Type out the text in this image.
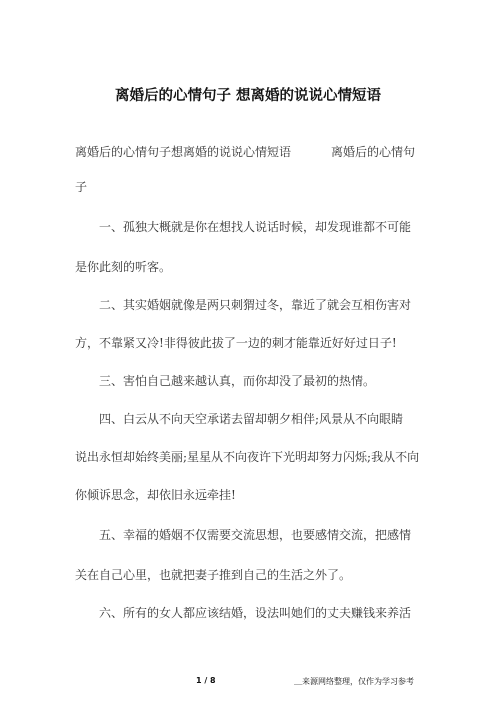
离婚后的心情句子 想离婚的说说心情短语
离婚后的心情句子想离婚的说说心情短语	离婚后的心情句
子
　　一、孤独大概就是你在想找人说话时候，却发现谁都不可能
是你此刻的听客。
　　二、其实婚姻就像是两只刺猬过冬，靠近了就会互相伤害对
方，不靠紧又冷!非得彼此拔了一边的刺才能靠近好好过日子!
　　三、害怕自己越来越认真，而你却没了最初的热情。
　　四、白云从不向天空承诺去留却朝夕相伴;风景从不向眼睛
说出永恒却始终美丽;星星从不向夜许下光明却努力闪烁;我从不向
你倾诉思念，却依旧永远牵挂!
　　五、幸福的婚姻不仅需要交流思想，也要感情交流，把感情
关在自己心里，也就把妻子推到自己的生活之外了。
　　六、所有的女人都应该结婚，设法叫她们的丈夫赚钱来养活
1 / 8	＿来源网络整理，仅作为学习参考
